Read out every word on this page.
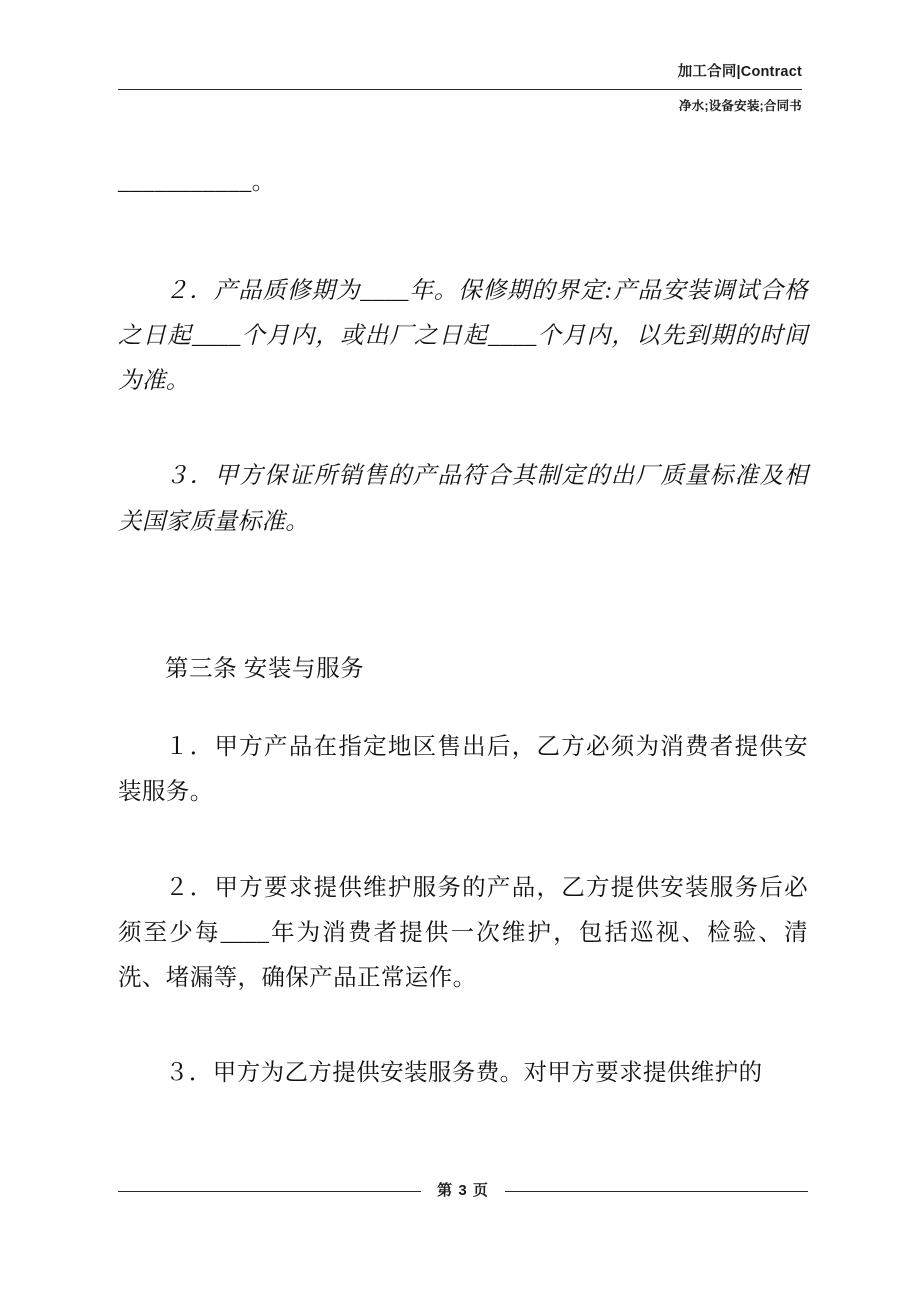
加工合同|Contract
净水;设备安装;合同书

___________。

２．产品质修期为____年。保修期的界定:产品安装调试合格之日起____个月内，或出厂之日起____个月内，以先到期的时间为准。

３．甲方保证所销售的产品符合其制定的出厂质量标准及相关国家质量标准。

第三条 安装与服务

１．甲方产品在指定地区售出后，乙方必须为消费者提供安装服务。

２．甲方要求提供维护服务的产品，乙方提供安装服务后必须至少每____年为消费者提供一次维护，包括巡视、检验、清洗、堵漏等，确保产品正常运作。

３．甲方为乙方提供安装服务费。对甲方要求提供维护的

第 3 页
